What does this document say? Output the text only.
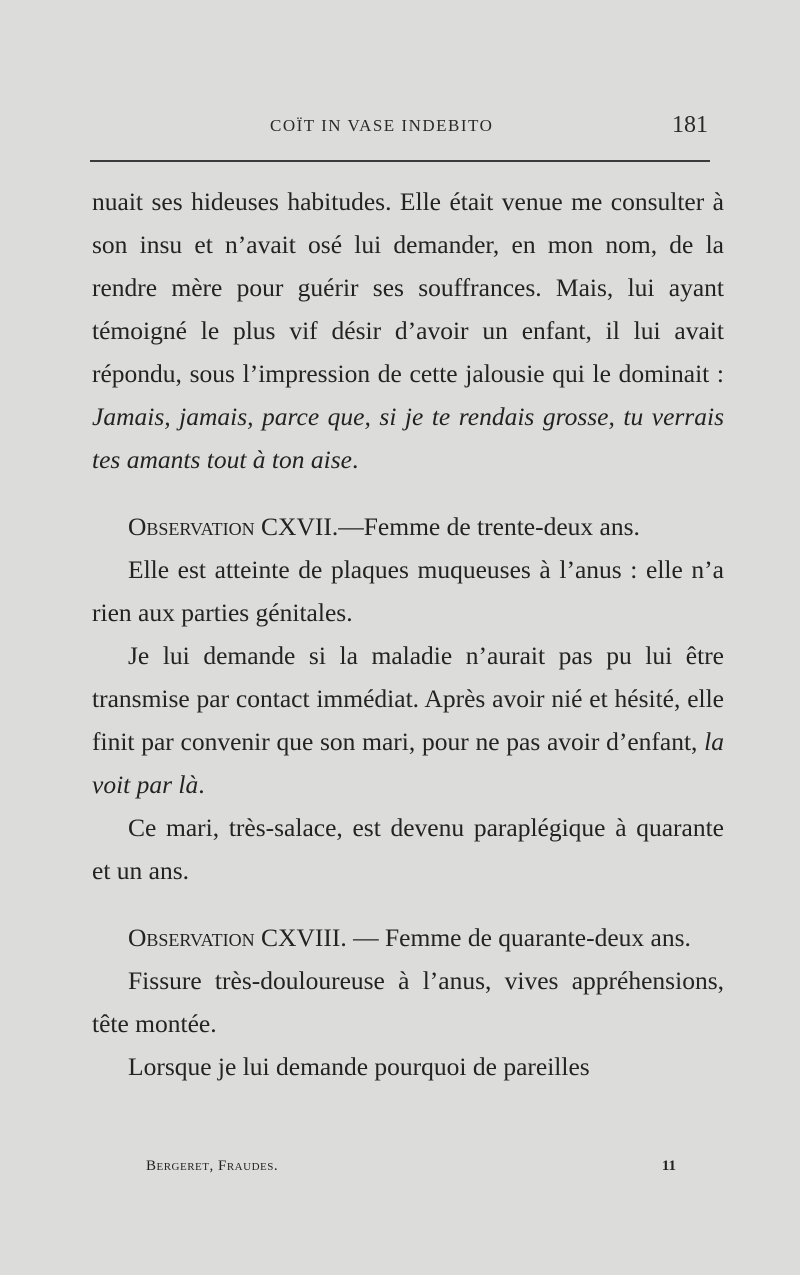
COÏT IN VASE INDEBITO	181

nuait ses hideuses habitudes. Elle était venue me consulter à son insu et n’avait osé lui demander, en mon nom, de la rendre mère pour guérir ses souffrances. Mais, lui ayant témoigné le plus vif désir d’avoir un enfant, il lui avait répondu, sous l’impression de cette jalousie qui le dominait : Jamais, jamais, parce que, si je te rendais grosse, tu verrais tes amants tout à ton aise.

Observation CXVII.—Femme de trente-deux ans.

Elle est atteinte de plaques muqueuses à l’anus : elle n’a rien aux parties génitales.

Je lui demande si la maladie n’aurait pas pu lui être transmise par contact immédiat. Après avoir nié et hésité, elle finit par convenir que son mari, pour ne pas avoir d’enfant, la voit par là.

Ce mari, très-salace, est devenu paraplégique à quarante et un ans.

Observation CXVIII. — Femme de quarante-deux ans.

Fissure très-douloureuse à l’anus, vives appréhensions, tête montée.

Lorsque je lui demande pourquoi de pareilles

Bergeret, Fraudes.	11
